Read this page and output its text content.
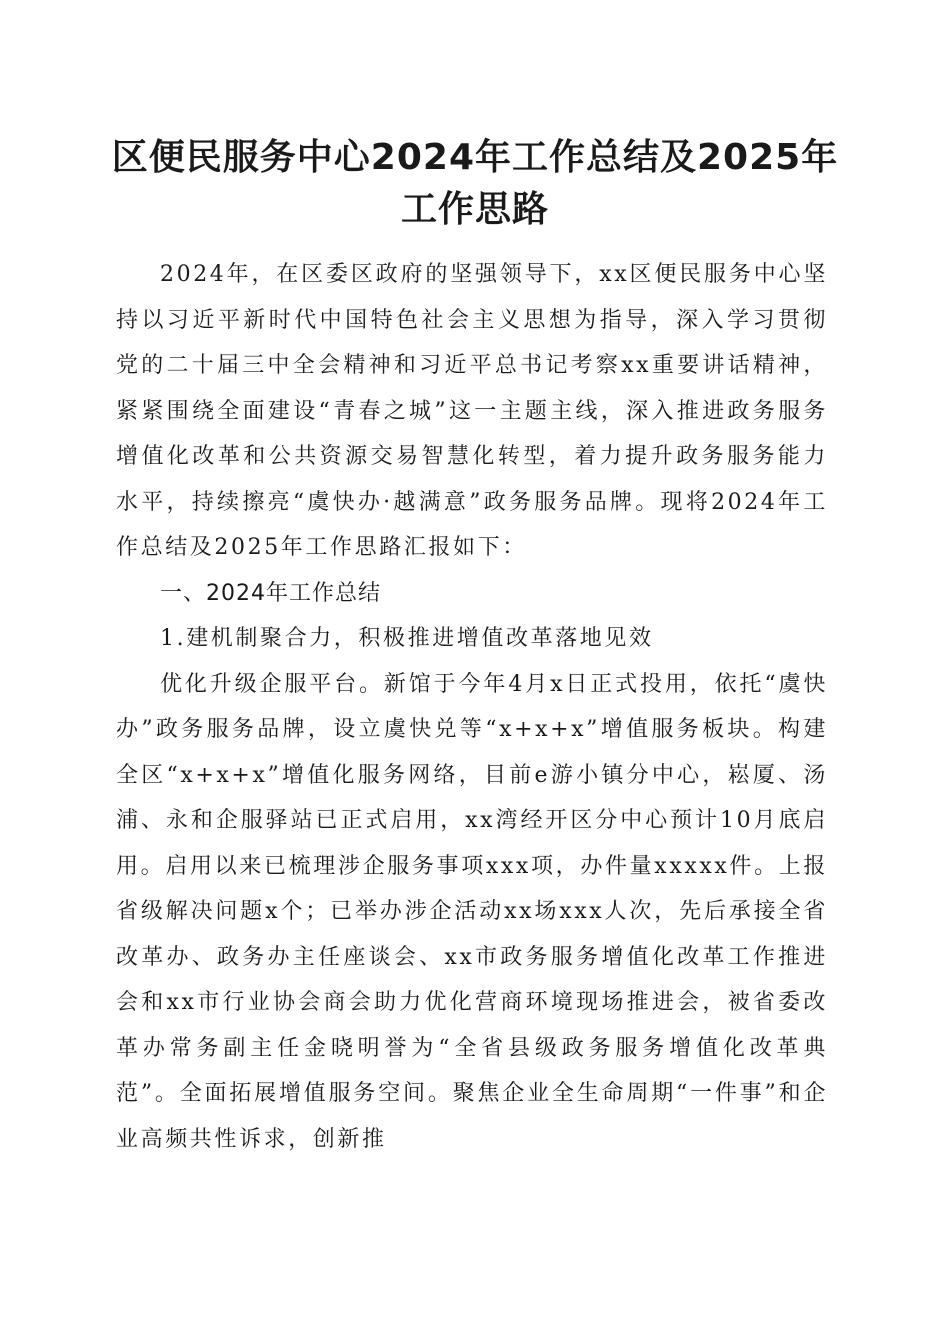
区便民服务中心2024年工作总结及2025年工作思路

2024年，在区委区政府的坚强领导下，xx区便民服务中心坚持以习近平新时代中国特色社会主义思想为指导，深入学习贯彻党的二十届三中全会精神和习近平总书记考察xx重要讲话精神，紧紧围绕全面建设“青春之城”这一主题主线，深入推进政务服务增值化改革和公共资源交易智慧化转型，着力提升政务服务能力水平，持续擦亮“虞快办·越满意”政务服务品牌。现将2024年工作总结及2025年工作思路汇报如下：

一、2024年工作总结

1.建机制聚合力，积极推进增值改革落地见效

优化升级企服平台。新馆于今年4月x日正式投用，依托“虞快办”政务服务品牌，设立虞快兑等“x+x+x”增值服务板块。构建全区“x+x+x”增值化服务网络，目前e游小镇分中心，崧厦、汤浦、永和企服驿站已正式启用，xx湾经开区分中心预计10月底启用。启用以来已梳理涉企服务事项xxx项，办件量xxxxx件。上报省级解决问题x个；已举办涉企活动xx场xxx人次，先后承接全省改革办、政务办主任座谈会、xx市政务服务增值化改革工作推进会和xx市行业协会商会助力优化营商环境现场推进会，被省委改革办常务副主任金晓明誉为“全省县级政务服务增值化改革典范”。全面拓展增值服务空间。聚焦企业全生命周期“一件事”和企业高频共性诉求，创新推
